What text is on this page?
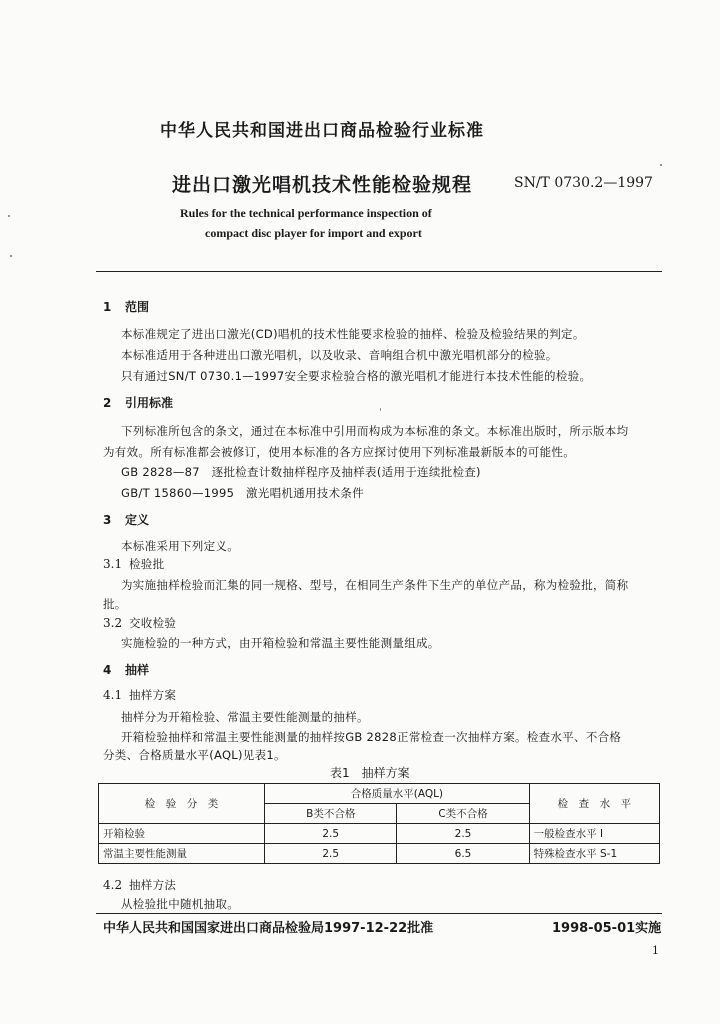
中华人民共和国进出口商品检验行业标准
进出口激光唱机技术性能检验规程	SN/T 0730.2—1997
Rules for the technical performance inspection of
compact disc player for import and export
1 范围
本标准规定了进出口激光(CD)唱机的技术性能要求检验的抽样、检验及检验结果的判定。
本标准适用于各种进出口激光唱机，以及收录、音响组合机中激光唱机部分的检验。
只有通过SN/T 0730.1—1997安全要求检验合格的激光唱机才能进行本技术性能的检验。
2 引用标准
下列标准所包含的条文，通过在本标准中引用而构成为本标准的条文。本标准出版时，所示版本均
为有效。所有标准都会被修订，使用本标准的各方应探讨使用下列标准最新版本的可能性。
GB 2828—87　逐批检查计数抽样程序及抽样表(适用于连续批检查)
GB/T 15860—1995　激光唱机通用技术条件
3 定义
本标准采用下列定义。
3.1 检验批
为实施抽样检验而汇集的同一规格、型号，在相同生产条件下生产的单位产品，称为检验批，简称
批。
3.2 交收检验
实施检验的一种方式，由开箱检验和常温主要性能测量组成。
4 抽样
4.1 抽样方案
抽样分为开箱检验、常温主要性能测量的抽样。
开箱检验抽样和常温主要性能测量的抽样按GB 2828正常检查一次抽样方案。检查水平、不合格
分类、合格质量水平(AQL)见表1。
表1　抽样方案
检　验　分　类	合格质量水平(AQL)		检　查　水　平
	B类不合格	C类不合格	
开箱检验	2.5	2.5	一般检查水平 I
常温主要性能测量	2.5	6.5	特殊检查水平 S-1
4.2 抽样方法
从检验批中随机抽取。
中华人民共和国国家进出口商品检验局1997-12-22批准	1998-05-01实施
1
